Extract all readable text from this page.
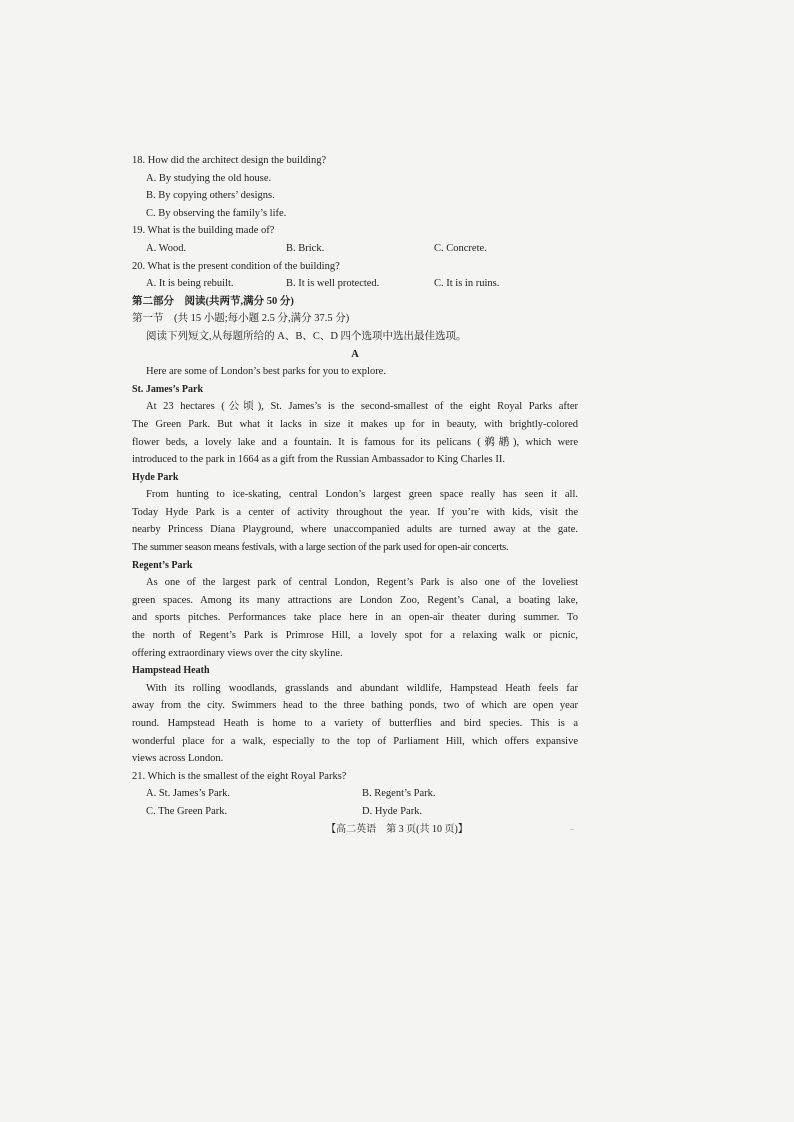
18. How did the architect design the building?
A. By studying the old house.
B. By copying others’ designs.
C. By observing the family’s life.
19. What is the building made of?
A. Wood.	B. Brick.	C. Concrete.
20. What is the present condition of the building?
A. It is being rebuilt.	B. It is well protected.	C. It is in ruins.
第二部分　阅读(共两节,满分 50 分)
第一节　(共 15 小题;每小题 2.5 分,满分 37.5 分)
阅读下列短文,从每题所给的 A、B、C、D 四个选项中选出最佳选项。
A
Here are some of London’s best parks for you to explore.
St. James’s Park
At 23 hectares (公顷), St. James’s is the second-smallest of the eight Royal Parks after
The Green Park. But what it lacks in size it makes up for in beauty, with brightly-colored
flower beds, a lovely lake and a fountain. It is famous for its pelicans (鹈鹕), which were
introduced to the park in 1664 as a gift from the Russian Ambassador to King Charles II.
Hyde Park
From hunting to ice-skating, central London’s largest green space really has seen it all.
Today Hyde Park is a center of activity throughout the year. If you’re with kids, visit the
nearby Princess Diana Playground, where unaccompanied adults are turned away at the gate.
The summer season means festivals, with a large section of the park used for open-air concerts.
Regent’s Park
As one of the largest park of central London, Regent’s Park is also one of the loveliest
green spaces. Among its many attractions are London Zoo, Regent’s Canal, a boating lake,
and sports pitches. Performances take place here in an open-air theater during summer. To
the north of Regent’s Park is Primrose Hill, a lovely spot for a relaxing walk or picnic,
offering extraordinary views over the city skyline.
Hampstead Heath
With its rolling woodlands, grasslands and abundant wildlife, Hampstead Heath feels far
away from the city. Swimmers head to the three bathing ponds, two of which are open year
round. Hampstead Heath is home to a variety of butterflies and bird species. This is a
wonderful place for a walk, especially to the top of Parliament Hill, which offers expansive
views across London.
21. Which is the smallest of the eight Royal Parks?
A. St. James’s Park.	B. Regent’s Park.
C. The Green Park.	D. Hyde Park.
【高二英语　第 3 页(共 10 页)】	–
